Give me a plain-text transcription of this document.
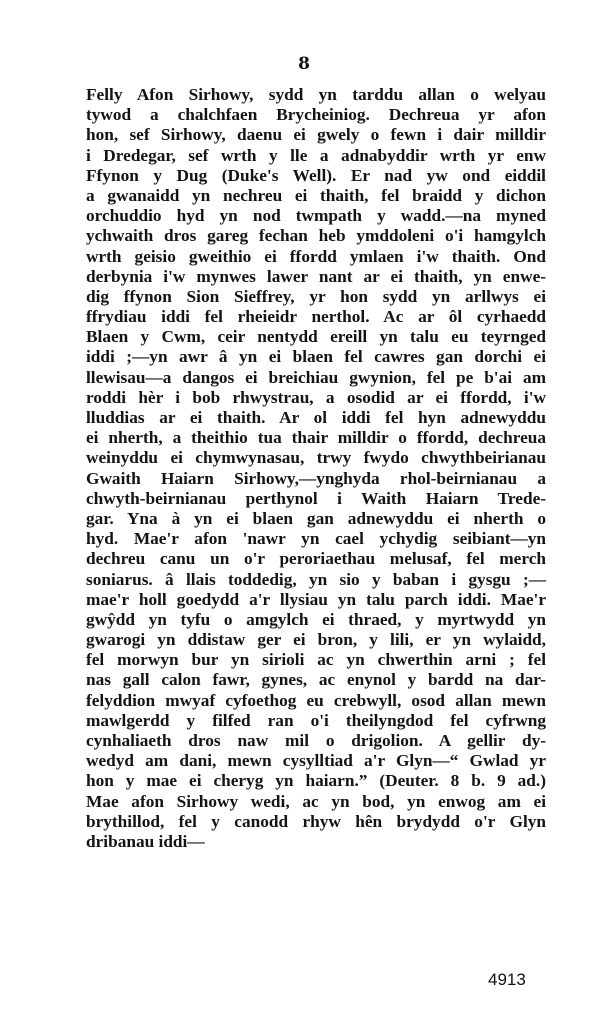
8
Felly Afon Sirhowy, sydd yn tarddu allan o welyau
tywod a chalchfaen Brycheiniog. Dechreua yr afon
hon, sef Sirhowy, daenu ei gwely o fewn i dair milldir
i Dredegar, sef wrth y lle a adnabyddir wrth yr enw
Ffynon y Dug (Duke's Well). Er nad yw ond eiddil
a gwanaidd yn nechreu ei thaith, fel braidd y dichon
orchuddio hyd yn nod twmpath y wadd.—na myned
ychwaith dros gareg fechan heb ymddoleni o'i hamgylch
wrth geisio gweithio ei ffordd ymlaen i'w thaith. Ond
derbynia i'w mynwes lawer nant ar ei thaith, yn enwe-
dig ffynon Sion Sieffrey, yr hon sydd yn arllwys ei
ffrydiau iddi fel rheieidr nerthol. Ac ar ôl cyrhaedd
Blaen y Cwm, ceir nentydd ereill yn talu eu teyrnged
iddi ;—yn awr â yn ei blaen fel cawres gan dorchi ei
llewisau—a dangos ei breichiau gwynion, fel pe b'ai am
roddi hèr i bob rhwystrau, a osodid ar ei ffordd, i'w
lluddias ar ei thaith. Ar ol iddi fel hyn adnewyddu
ei nherth, a theithio tua thair milldir o ffordd, dechreua
weinyddu ei chymwynasau, trwy fwydo chwythbeirianau
Gwaith Haiarn Sirhowy,—ynghyda rhol-beirnianau a
chwyth-beirnianau perthynol i Waith Haiarn Trede-
gar. Yna à yn ei blaen gan adnewyddu ei nherth o
hyd. Mae'r afon 'nawr yn cael ychydig seibiant—yn
dechreu canu un o'r peroriaethau melusaf, fel merch
soniarus. â llais toddedig, yn sio y baban i gysgu ;—
mae'r holl goedydd a'r llysiau yn talu parch iddi. Mae'r
gwŷdd yn tyfu o amgylch ei thraed, y myrtwydd yn
gwarogi yn ddistaw ger ei bron, y lili, er yn wylaidd,
fel morwyn bur yn sirioli ac yn chwerthin arni ; fel
nas gall calon fawr, gynes, ac enynol y bardd na dar-
felyddion mwyaf cyfoethog eu crebwyll, osod allan mewn
mawlgerdd y filfed ran o'i theilyngdod fel cyfrwng
cynhaliaeth dros naw mil o drigolion. A gellir dy-
wedyd am dani, mewn cysylltiad a'r Glyn—“ Gwlad yr
hon y mae ei cheryg yn haiarn.” (Deuter. 8 b. 9 ad.)
Mae afon Sirhowy wedi, ac yn bod, yn enwog am ei
brythillod, fel y canodd rhyw hên brydydd o'r Glyn
dribanau iddi—
4913
